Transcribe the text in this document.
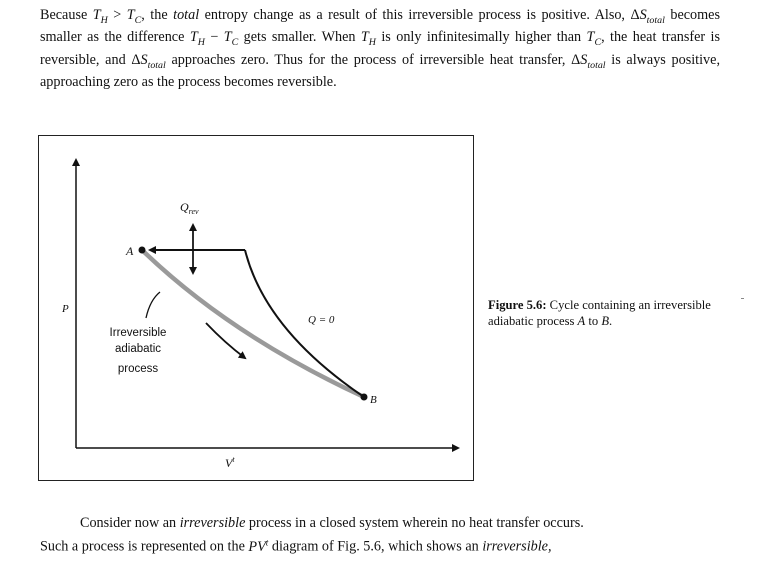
Because $T_H > T_C$, the total entropy change as a result of this irreversible process is positive. Also, $\Delta S_{total}$ becomes smaller as the difference $T_H - T_C$ gets smaller. When $T_H$ is only infinitesimally higher than $T_C$, the heat transfer is reversible, and $\Delta S_{total}$ approaches zero. Thus for the process of irreversible heat transfer, $\Delta S_{total}$ is always positive, approaching zero as the process becomes reversible.

$Q_{rev}$
A
B
P
$V^t$
Q = 0
Irreversible
adiabatic
process

Figure 5.6: Cycle containing an irreversible adiabatic process A to B.

Consider now an irreversible process in a closed system wherein no heat transfer occurs.
Such a process is represented on the $PV^t$ diagram of Fig. 5.6, which shows an irreversible,
